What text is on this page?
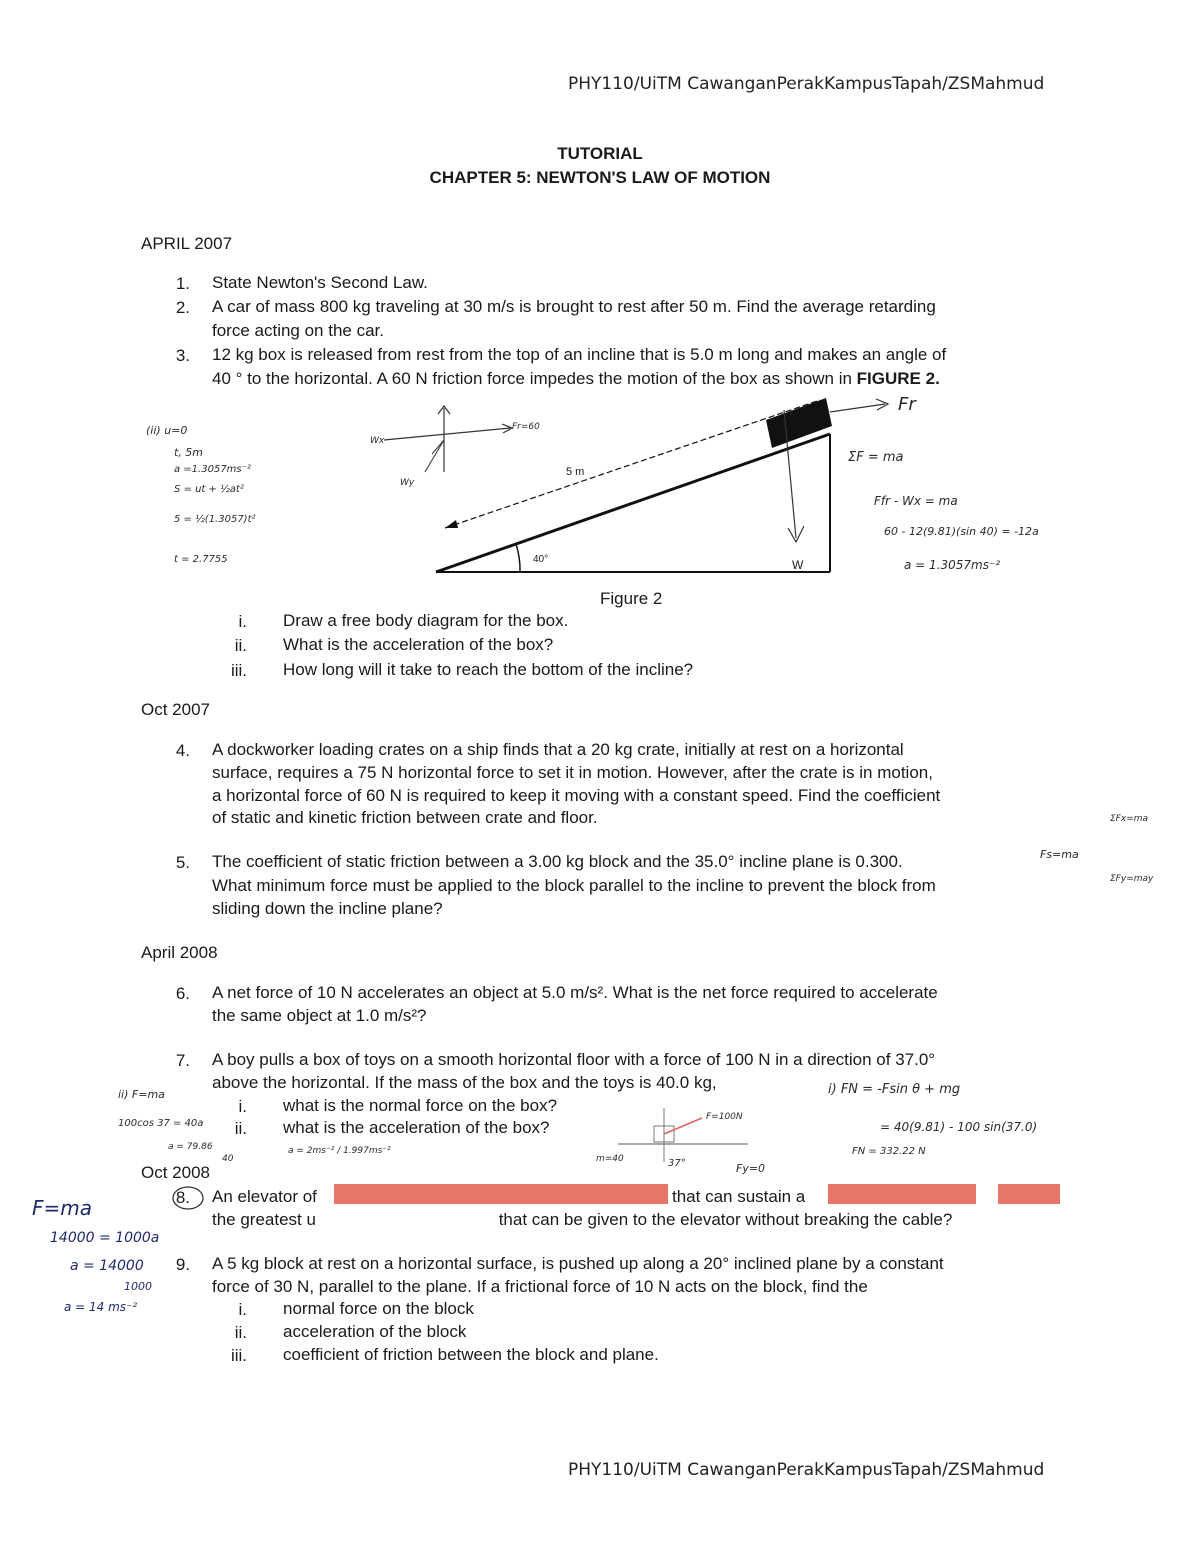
PHY110/UiTM CawanganPerakKampusTapah/ZSMahmud
TUTORIAL
CHAPTER 5: NEWTON'S LAW OF MOTION
APRIL 2007
1. State Newton's Second Law.
2. A car of mass 800 kg traveling at 30 m/s is brought to rest after 50 m. Find the average retarding
force acting on the car.
3. 12 kg box is released from rest from the top of an incline that is 5.0 m long and makes an angle of
40 ° to the horizontal. A 60 N friction force impedes the motion of the box as shown in FIGURE 2.
5 m
40°	W
Figure 2
i. Draw a free body diagram for the box.
ii. What is the acceleration of the box?
iii. How long will it take to reach the bottom of the incline?
Oct 2007
4. A dockworker loading crates on a ship finds that a 20 kg crate, initially at rest on a horizontal
surface, requires a 75 N horizontal force to set it in motion. However, after the crate is in motion,
a horizontal force of 60 N is required to keep it moving with a constant speed. Find the coefficient
of static and kinetic friction between crate and floor.
5. The coefficient of static friction between a 3.00 kg block and the 35.0° incline plane is 0.300.
What minimum force must be applied to the block parallel to the incline to prevent the block from
sliding down the incline plane?
April 2008
6. A net force of 10 N accelerates an object at 5.0 m/s². What is the net force required to accelerate
the same object at 1.0 m/s²?
7. A boy pulls a box of toys on a smooth horizontal floor with a force of 100 N in a direction of 37.0°
above the horizontal. If the mass of the box and the toys is 40.0 kg,
i. what is the normal force on the box?
ii. what is the acceleration of the box?
Oct 2008
8. An elevator of	that can sustain a
the greatest u	that can be given to the elevator without breaking the cable?
9. A 5 kg block at rest on a horizontal surface, is pushed up along a 20° inclined plane by a constant
force of 30 N, parallel to the plane. If a frictional force of 10 N acts on the block, find the
i. normal force on the block
ii. acceleration of the block
iii. coefficient of friction between the block and plane.
PHY110/UiTM CawanganPerakKampusTapah/ZSMahmud
(ii) u=0
t, 5m
a =1.3057ms⁻²
S = ut + ½at²
5 = ½(1.3057)t²
t = 2.7755
Fr
ΣF = ma
Ffr - Wx = ma
60 - 12(9.81)(sin 40) = -12a
a = 1.3057ms⁻²
Fr=60
Wx
Wy
Fs=ma
ΣFx=ma
ΣFy=may
ii) F=ma
100cos 37 = 40a
a = 79.86
40
a = 2ms⁻² / 1.997ms⁻²
i) FN = -Fsin θ + mg
= 40(9.81) - 100 sin(37.0)
FN = 332.22 N
F=100N
m=40	37°	Fy=0
F=ma
14000 = 1000a
a = 14000
1000
a = 14 ms⁻²
